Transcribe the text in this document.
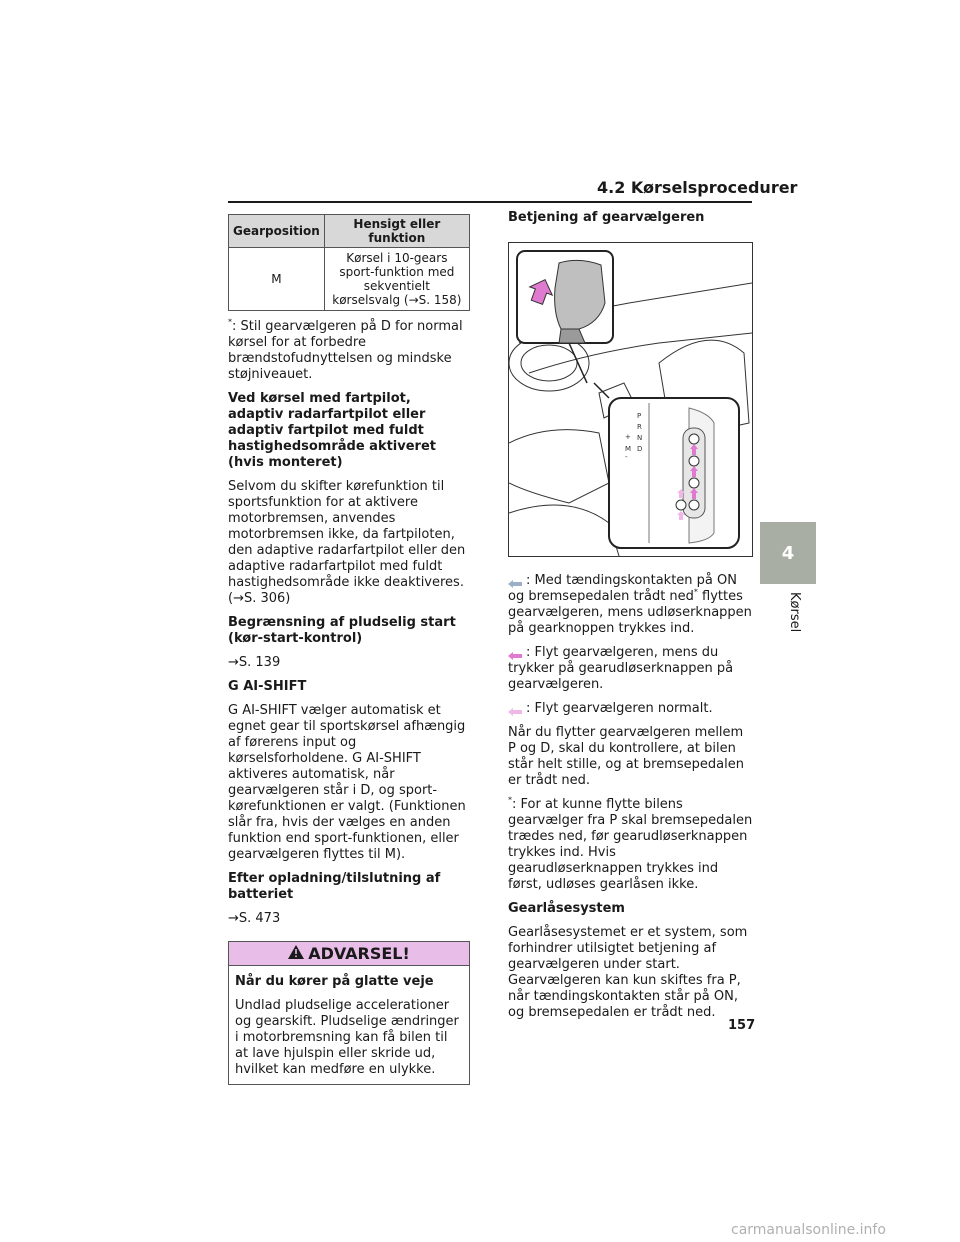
4.2 Kørselsprocedurer
Gearposition	Hensigt eller funktion
M	Kørsel i 10-gears sport-funktion med sekventielt kørselsvalg (→S. 158)

*: Stil gearvælgeren på D for normal kørsel for at forbedre brændstofudnyttelsen og mindske støjniveauet.

Ved kørsel med fartpilot, adaptiv radarfartpilot eller adaptiv fartpilot med fuldt hastighedsområde aktiveret (hvis monteret)

Selvom du skifter kørefunktion til sportsfunktion for at aktivere motorbremsen, anvendes motorbremsen ikke, da fartpiloten, den adaptive radarfartpilot eller den adaptive radarfartpilot med fuldt hastighedsområde ikke deaktiveres. (→S. 306)

Begrænsning af pludselig start (kør-start-kontrol)

→S. 139

G AI-SHIFT

G AI-SHIFT vælger automatisk et egnet gear til sportskørsel afhængig af førerens input og kørselsforholdene. G AI-SHIFT aktiveres automatisk, når gearvælgeren står i D, og sport-kørefunktionen er valgt. (Funktionen slår fra, hvis der vælges en anden funktion end sport-funktionen, eller gearvælgeren flyttes til M).

Efter opladning/tilslutning af batteriet

→S. 473

ADVARSEL!

Når du kører på glatte veje

Undlad pludselige accelerationer og gearskift. Pludselige ændringer i motorbremsning kan få bilen til at lave hjulspin eller skride ud, hvilket kan medføre en ulykke.

Betjening af gearvælgeren

P
R
N
D
M
+
-

: Med tændingskontakten på ON og bremsepedalen trådt ned* flyttes gearvælgeren, mens udløserknappen på gearknoppen trykkes ind.

: Flyt gearvælgeren, mens du trykker på gearudløserknappen på gearvælgeren.

: Flyt gearvælgeren normalt.

Når du flytter gearvælgeren mellem P og D, skal du kontrollere, at bilen står helt stille, og at bremsepedalen er trådt ned.

*: For at kunne flytte bilens gearvælger fra P skal bremsepedalen trædes ned, før gearudløserknappen trykkes ind. Hvis gearudløserknappen trykkes ind først, udløses gearlåsen ikke.

Gearlåsesystem

Gearlåsesystemet er et system, som forhindrer utilsigtet betjening af gearvælgeren under start. Gearvælgeren kan kun skiftes fra P, når tændingskontakten står på ON, og bremsepedalen er trådt ned.

4
Kørsel
157
carmanualsonline.info
